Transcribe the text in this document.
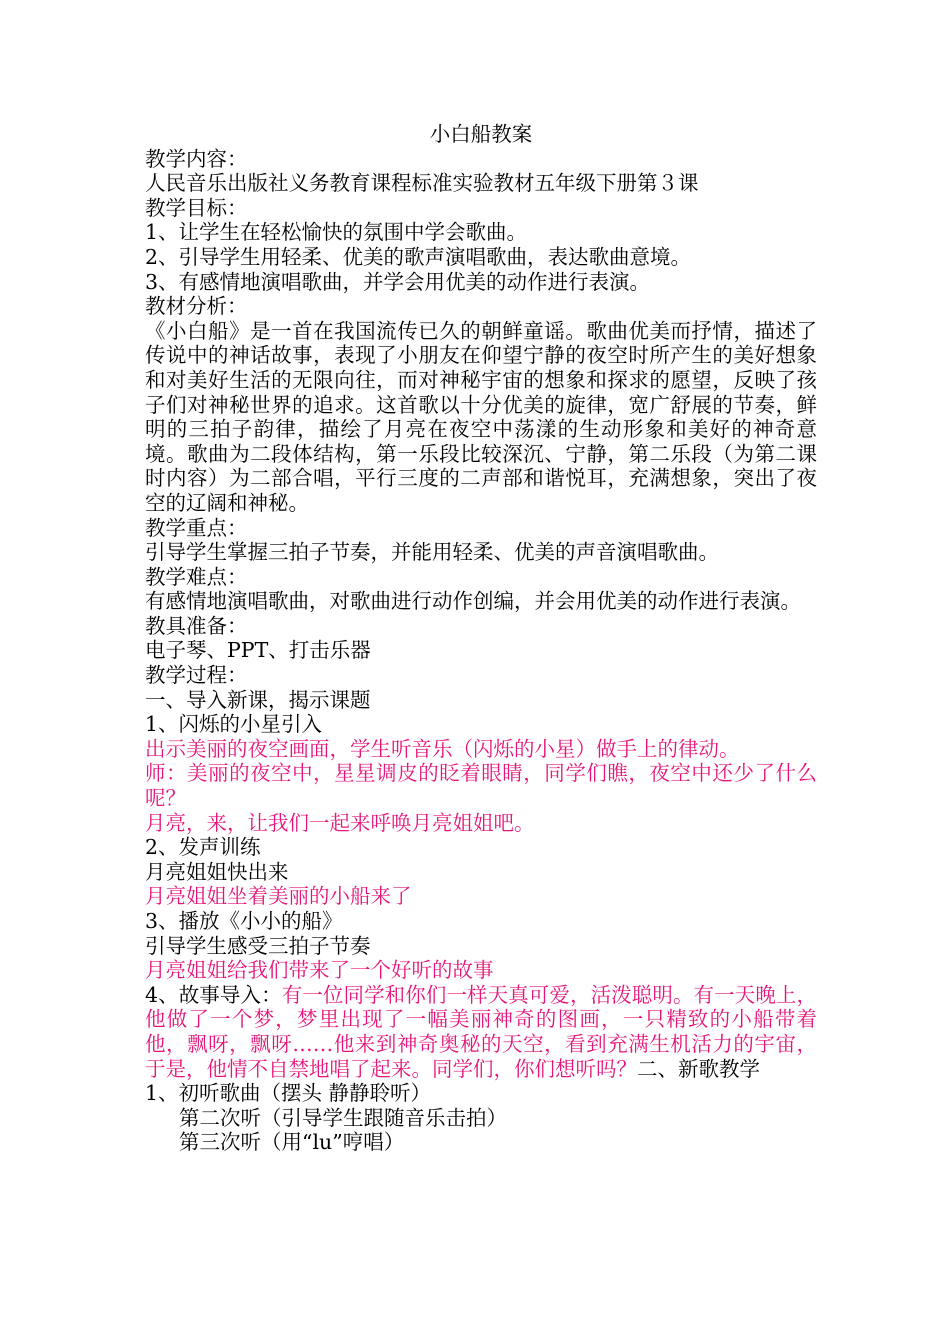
小白船教案
教学内容：
人民音乐出版社义务教育课程标准实验教材五年级下册第３课
教学目标：
1、让学生在轻松愉快的氛围中学会歌曲。
2、引导学生用轻柔、优美的歌声演唱歌曲，表达歌曲意境。
3、有感情地演唱歌曲，并学会用优美的动作进行表演。
教材分析：
《小白船》是一首在我国流传已久的朝鲜童谣。歌曲优美而抒情，描述了传说中的神话故事，表现了小朋友在仰望宁静的夜空时所产生的美好想象和对美好生活的无限向往，而对神秘宇宙的想象和探求的愿望，反映了孩子们对神秘世界的追求。这首歌以十分优美的旋律，宽广舒展的节奏，鲜明的三拍子韵律，描绘了月亮在夜空中荡漾的生动形象和美好的神奇意境。歌曲为二段体结构，第一乐段比较深沉、宁静，第二乐段（为第二课时内容）为二部合唱，平行三度的二声部和谐悦耳，充满想象，突出了夜空的辽阔和神秘。
教学重点：
引导学生掌握三拍子节奏，并能用轻柔、优美的声音演唱歌曲。
教学难点：
有感情地演唱歌曲，对歌曲进行动作创编，并会用优美的动作进行表演。
教具准备：
电子琴、PPT、打击乐器
教学过程：
一、导入新课，揭示课题
1、闪烁的小星引入
出示美丽的夜空画面，学生听音乐（闪烁的小星）做手上的律动。
师：美丽的夜空中，星星调皮的眨着眼睛，同学们瞧，夜空中还少了什么呢？
月亮，来，让我们一起来呼唤月亮姐姐吧。
2、发声训练
月亮姐姐快出来
月亮姐姐坐着美丽的小船来了
3、播放《小小的船》
引导学生感受三拍子节奏
月亮姐姐给我们带来了一个好听的故事
4、故事导入：有一位同学和你们一样天真可爱，活泼聪明。有一天晚上，他做了一个梦，梦里出现了一幅美丽神奇的图画，一只精致的小船带着他，飘呀，飘呀……他来到神奇奥秘的天空，看到充满生机活力的宇宙，于是，他情不自禁地唱了起来。同学们，你们想听吗？二、新歌教学
1、初听歌曲（摆头 静静聆听）
第二次听（引导学生跟随音乐击拍）
第三次听（用“lu”哼唱）
